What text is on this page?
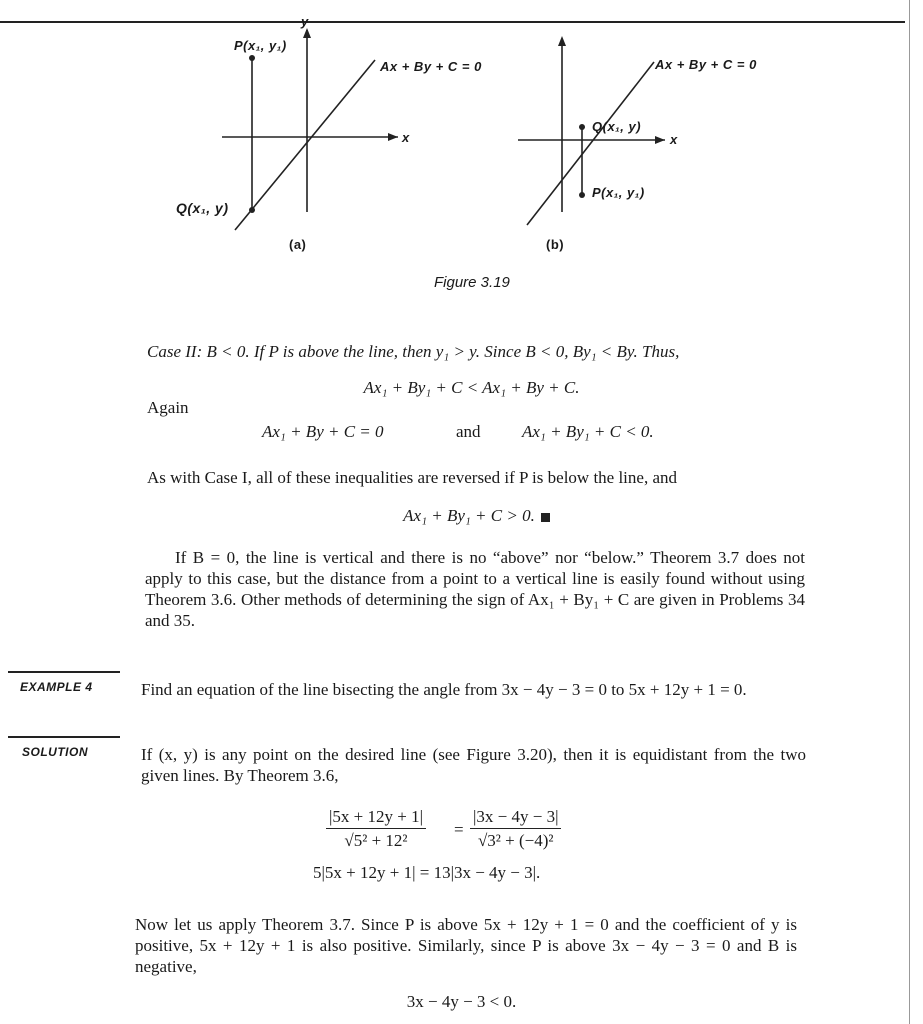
P(x₁, y₁)
Ax + By + C = 0
x
y
Q(x₁, y)
(a)
Ax + By + C = 0
Q(x₁, y)
x
P(x₁, y₁)
(b)
Figure 3.19
Case II: B < 0. If P is above the line, then y₁ > y. Since B < 0, By₁ < By. Thus,
Ax₁ + By₁ + C < Ax₁ + By + C.
Again
Ax₁ + By + C = 0	and Ax₁ + By₁ + C < 0.
As with Case I, all of these inequalities are reversed if P is below the line, and
Ax₁ + By₁ + C > 0.
If B = 0, the line is vertical and there is no “above” nor “below.” Theorem 3.7 does not apply to this case, but the distance from a point to a vertical line is easily found without using Theorem 3.6. Other methods of determining the sign of Ax₁ + By₁ + C are given in Problems 34 and 35.
EXAMPLE 4	Find an equation of the line bisecting the angle from 3x − 4y − 3 = 0 to 5x + 12y + 1 = 0.
SOLUTION	If (x, y) is any point on the desired line (see Figure 3.20), then it is equidistant from the two given lines. By Theorem 3.6,
$\frac{|5x + 12y + 1|}{\text{√5² + 12²}} = \frac{|3x - 4y - 3|}{\text{√3² + (−4)²}}$
5|5x + 12y + 1| = 13|3x − 4y − 3|.
Now let us apply Theorem 3.7. Since P is above 5x + 12y + 1 = 0 and the coefficient of y is positive, 5x + 12y + 1 is also positive. Similarly, since P is above 3x − 4y − 3 = 0 and B is negative,
3x − 4y − 3 < 0.
